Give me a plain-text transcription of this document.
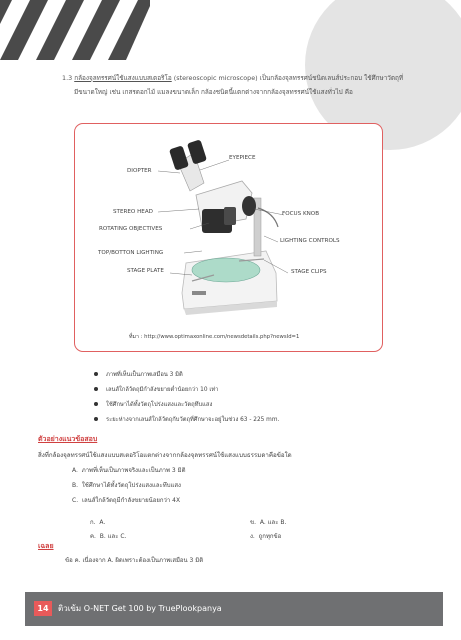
1.3 กล้องจุลทรรศน์ใช้แสงแบบสเตอริโอ (stereoscopic microscope) เป็นกล้องจุลทรรศน์ชนิดเลนส์ประกอบ ใช้ศึกษาวัตถุที่
มีขนาดใหญ่ เช่น เกสรดอกไม้ แมลงขนาดเล็ก กล้องชนิดนี้แตกต่างจากกล้องจุลทรรศน์ใช้แสงทั่วไป คือ
EYEPIECE
DIOPTER
STEREO HEAD	FOCUS KNOB
ROTATING OBJECTIVES
LIGHTING CONTROLS
TOP/BOTTON LIGHTING
STAGE PLATE	STAGE CLIPS
ที่มา : http://www.optimaxonline.com/newsdetails.php?newsId=1
ภาพที่เห็นเป็นภาพเสมือน 3 มิติ
เลนส์ใกล้วัตถุมีกำลังขยายต่ำน้อยกว่า 10 เท่า
ใช้ศึกษาได้ทั้งวัตถุโปร่งแสงและวัตถุทึบแสง
ระยะห่างจากเลนส์ใกล้วัตถุกับวัตถุที่ศึกษาจะอยู่ในช่วง 63 - 225 mm.
ตัวอย่างแนวข้อสอบ
สิ่งที่กล้องจุลทรรศน์ใช้แสงแบบสเตอริโอแตกต่างจากกล้องจุลทรรศน์ใช้แสงแบบธรรมดาคือข้อใด
A. ภาพที่เห็นเป็นภาพจริงและเป็นภาพ 3 มิติ
B. ใช้ศึกษาได้ทั้งวัตถุโปร่งแสงและทึบแสง
C. เลนส์ใกล้วัตถุมีกำลังขยายน้อยกว่า 4X
ก. A.	ข. A. และ B.
ค. B. และ C.	ง. ถูกทุกข้อ
เฉลย
ข้อ ค. เนื่องจาก A. ผิดเพราะต้องเป็นภาพเสมือน 3 มิติ
14	ติวเข้ม O-NET Get 100 by TruePlookpanya
